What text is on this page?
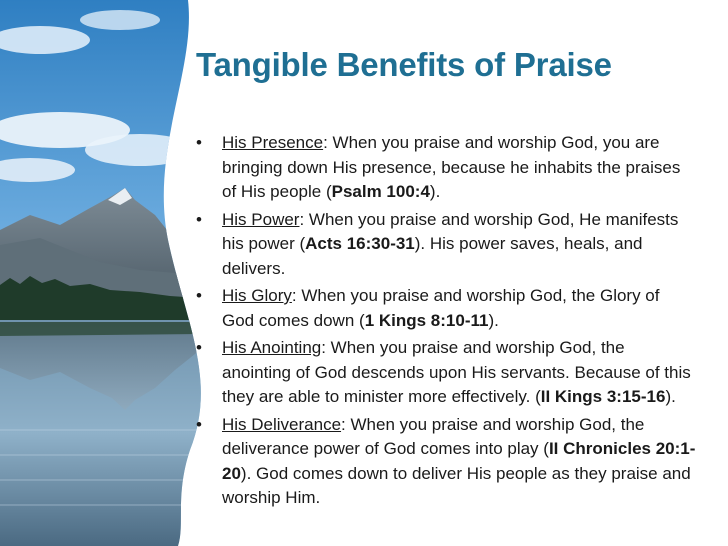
Tangible Benefits of Praise
• His Presence: When you praise and worship God, you are bringing down His presence, because he inhabits the praises of His people (Psalm 100:4).
• His Power: When you praise and worship God, He manifests his power (Acts 16:30-31). His power saves, heals, and delivers.
• His Glory: When you praise and worship God, the Glory of God comes down (1 Kings 8:10-11).
• His Anointing: When you praise and worship God, the anointing of God descends upon His servants. Because of this they are able to minister more effectively. (II Kings 3:15-16).
• His Deliverance: When you praise and worship God, the deliverance power of God comes into play (II Chronicles 20:1-20). God comes down to deliver His people as they praise and worship Him.
